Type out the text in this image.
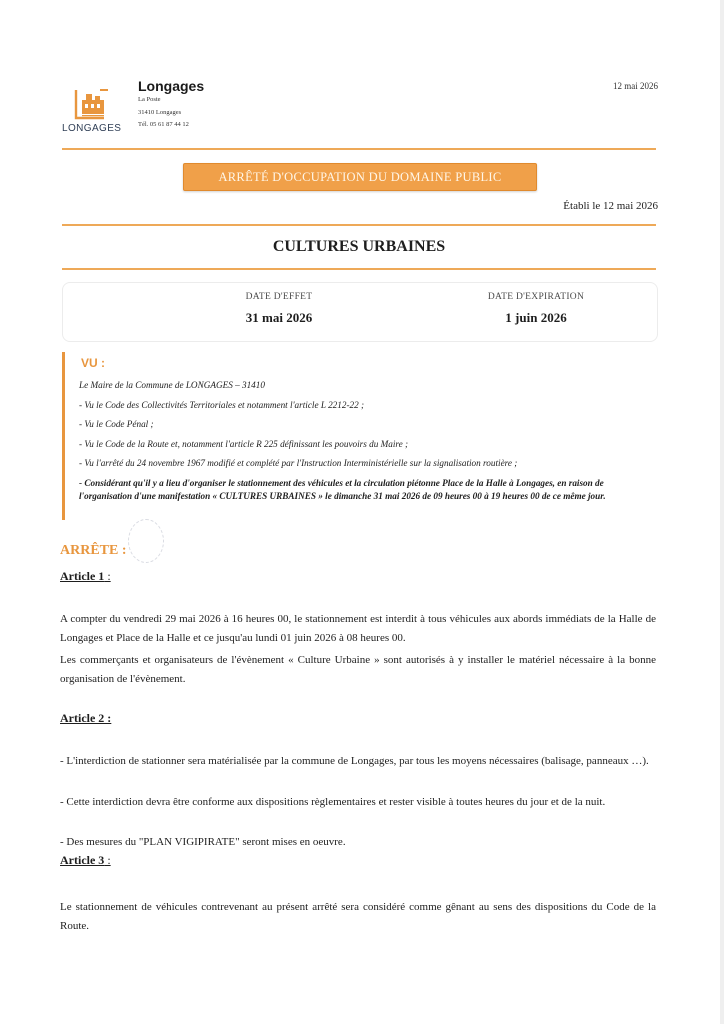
LONGAGES
Longages
La Poste
31410 Longages
Tél. 05 61 87 44 12
12 mai 2026
ARRÊTÉ D'OCCUPATION DU DOMAINE PUBLIC
Établi le 12 mai 2026
CULTURES URBAINES
DATE D'EFFET
31 mai 2026
DATE D'EXPIRATION
1 juin 2026
VU :
Le Maire de la Commune de LONGAGES – 31410
- Vu le Code des Collectivités Territoriales et notamment l'article L 2212-22 ;
- Vu le Code Pénal ;
- Vu le Code de la Route et, notamment l'article R 225 définissant les pouvoirs du Maire ;
- Vu l'arrêté du 24 novembre 1967 modifié et complété par l'Instruction Interministérielle sur la signalisation routière ;
- Considérant qu'il y a lieu d'organiser le stationnement des véhicules et la circulation piétonne Place de la Halle à Longages, en raison de l'organisation d'une manifestation « CULTURES URBAINES » le dimanche 31 mai 2026 de 09 heures 00 à 19 heures 00 de ce même jour.
ARRÊTE :
Article 1 :
A compter du vendredi 29 mai 2026 à 16 heures 00, le stationnement est interdit à tous véhicules aux abords immédiats de la Halle de Longages et Place de la Halle et ce jusqu'au lundi 01 juin 2026 à 08 heures 00.
Les commerçants et organisateurs de l'évènement « Culture Urbaine » sont autorisés à y installer le matériel nécessaire à la bonne organisation de l'évènement.
Article 2 :
- L'interdiction de stationner sera matérialisée par la commune de Longages, par tous les moyens nécessaires (balisage, panneaux …).
- Cette interdiction devra être conforme aux dispositions règlementaires et rester visible à toutes heures du jour et de la nuit.
- Des mesures du "PLAN VIGIPIRATE" seront mises en oeuvre.
Article 3 :
Le stationnement de véhicules contrevenant au présent arrêté sera considéré comme gênant au sens des dispositions du Code de la Route.
